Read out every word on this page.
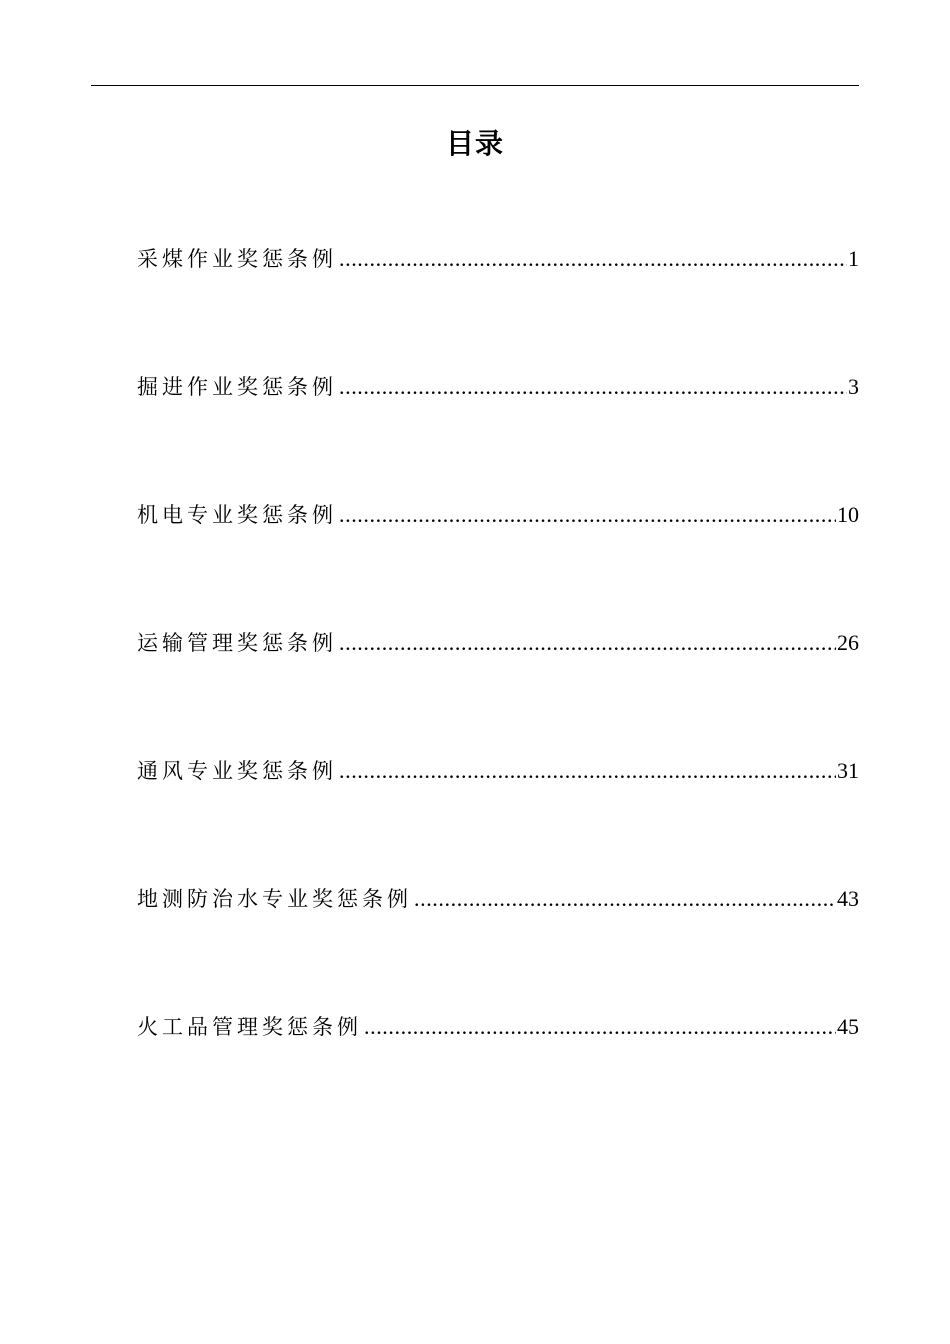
目录
采煤作业奖惩条例 .....	1
掘进作业奖惩条例 .....	3
机电专业奖惩条例 .....	10
运输管理奖惩条例 .....	26
通风专业奖惩条例 .....	31
地测防治水专业奖惩条例 .....	43
火工品管理奖惩条例 .....	45
